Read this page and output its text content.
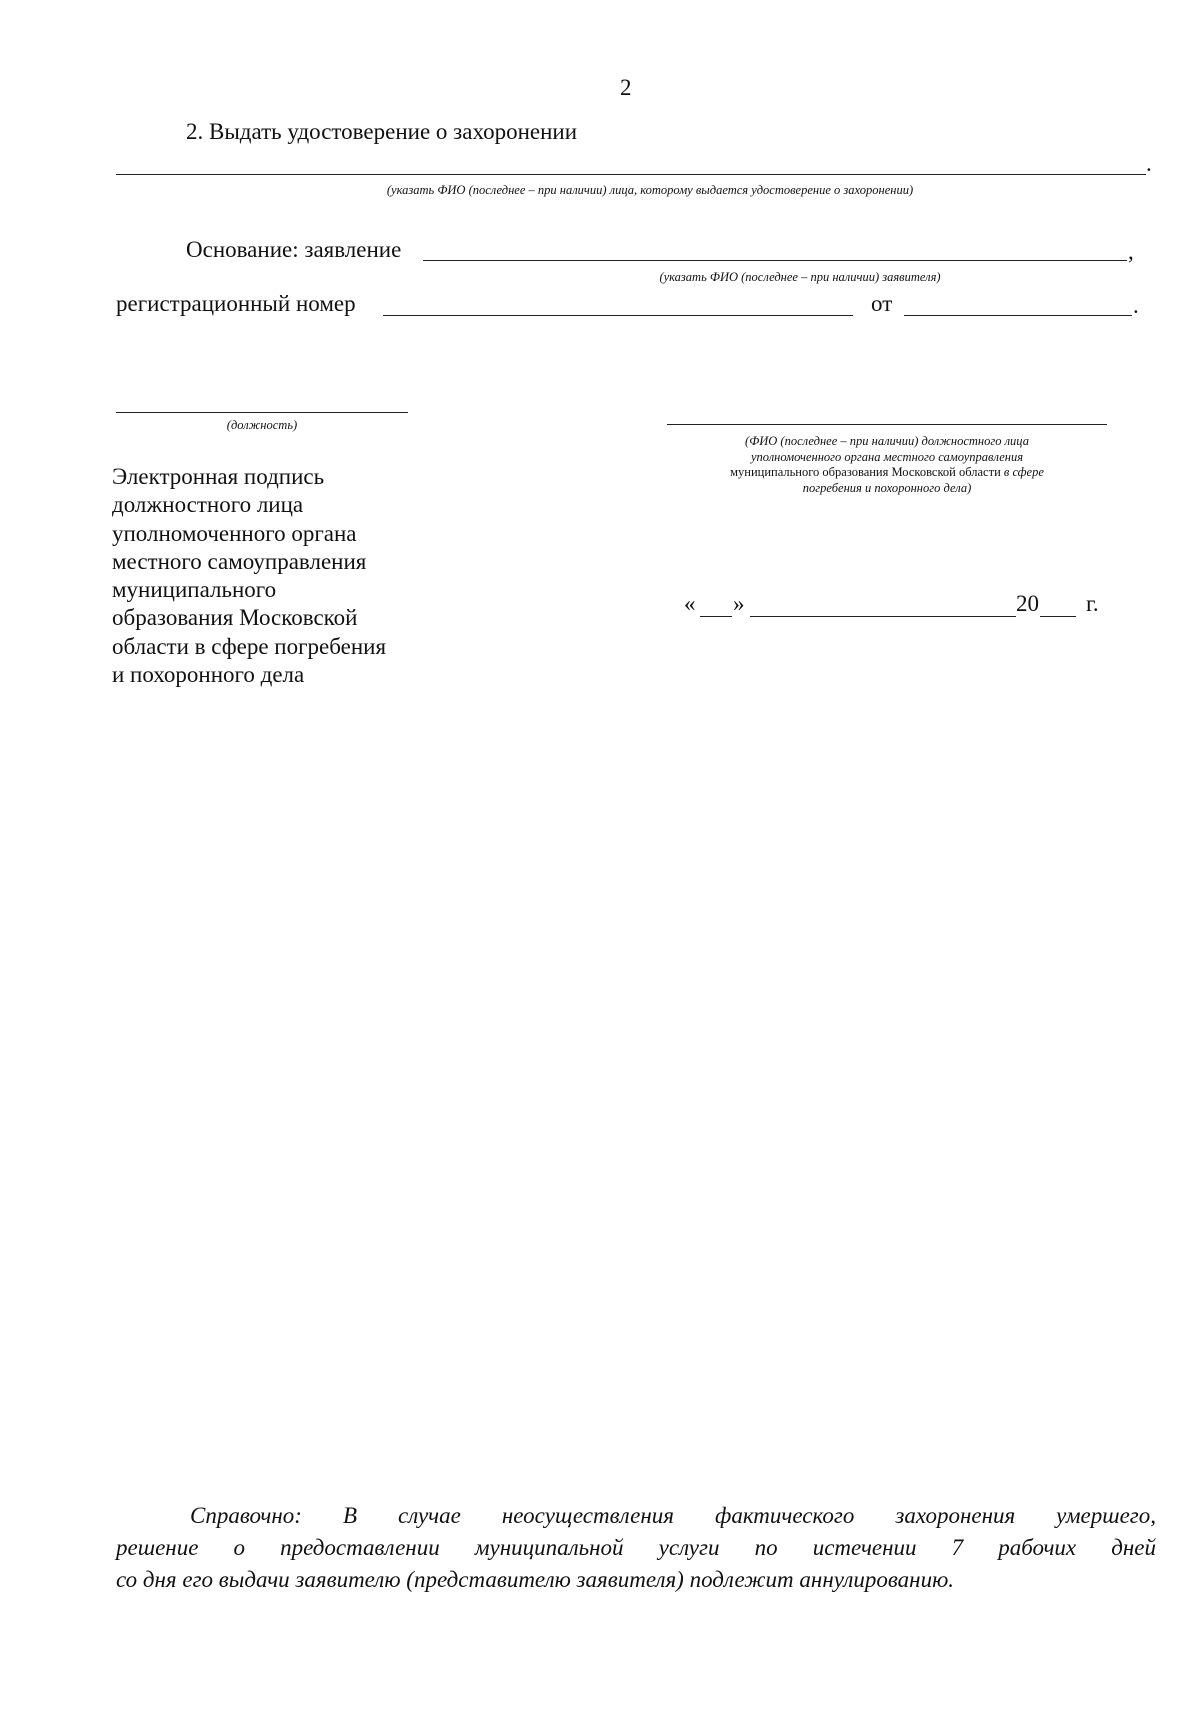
2
2. Выдать удостоверение о захоронении
.
(указать ФИО (последнее – при наличии) лица, которому выдается удостоверение о захоронении)
Основание: заявление	,
(указать ФИО (последнее – при наличии) заявителя)
регистрационный номер	от	.
(должность)
(ФИО (последнее – при наличии) должностного лица
уполномоченного органа местного самоуправления
муниципального образования Московской области в сфере
погребения и похоронного дела)
Электронная подпись
должностного лица
уполномоченного органа
местного самоуправления
муниципального
образования Московской
области в сфере погребения
и похоронного дела
« »	20 г.
Справочно: В случае неосуществления фактического захоронения умершего,
решение о предоставлении муниципальной услуги по истечении 7 рабочих дней
со дня его выдачи заявителю (представителю заявителя) подлежит аннулированию.
